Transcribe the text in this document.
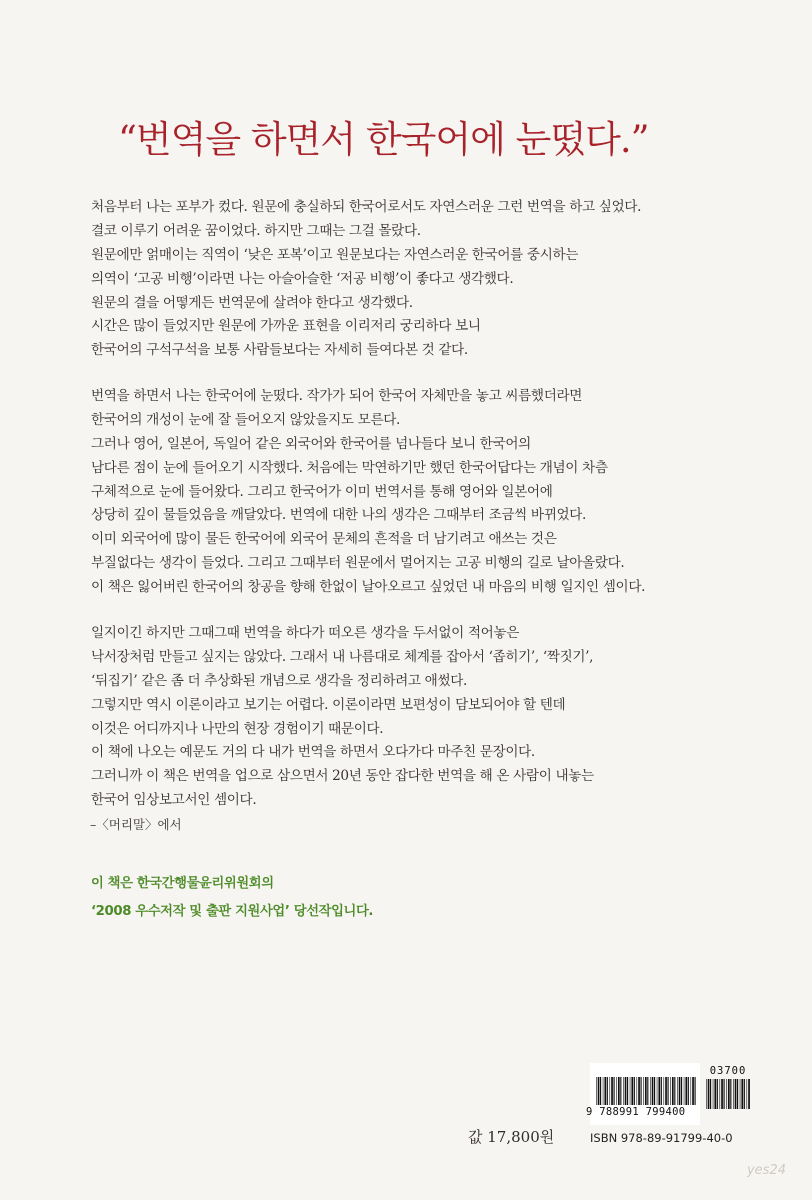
“번역을 하면서 한국어에 눈떴다.”
처음부터 나는 포부가 컸다. 원문에 충실하되 한국어로서도 자연스러운 그런 번역을 하고 싶었다.
결코 이루기 어려운 꿈이었다. 하지만 그때는 그걸 몰랐다.
원문에만 얽매이는 직역이 ‘낮은 포복’이고 원문보다는 자연스러운 한국어를 중시하는
의역이 ‘고공 비행’이라면 나는 아슬아슬한 ‘저공 비행’이 좋다고 생각했다.
원문의 결을 어떻게든 번역문에 살려야 한다고 생각했다.
시간은 많이 들었지만 원문에 가까운 표현을 이리저리 궁리하다 보니
한국어의 구석구석을 보통 사람들보다는 자세히 들여다본 것 같다.
번역을 하면서 나는 한국어에 눈떴다. 작가가 되어 한국어 자체만을 놓고 씨름했더라면
한국어의 개성이 눈에 잘 들어오지 않았을지도 모른다.
그러나 영어, 일본어, 독일어 같은 외국어와 한국어를 넘나들다 보니 한국어의
남다른 점이 눈에 들어오기 시작했다. 처음에는 막연하기만 했던 한국어답다는 개념이 차츰
구체적으로 눈에 들어왔다. 그리고 한국어가 이미 번역서를 통해 영어와 일본어에
상당히 깊이 물들었음을 깨달았다. 번역에 대한 나의 생각은 그때부터 조금씩 바뀌었다.
이미 외국어에 많이 물든 한국어에 외국어 문체의 흔적을 더 남기려고 애쓰는 것은
부질없다는 생각이 들었다. 그리고 그때부터 원문에서 멀어지는 고공 비행의 길로 날아올랐다.
이 책은 잃어버린 한국어의 창공을 향해 한없이 날아오르고 싶었던 내 마음의 비행 일지인 셈이다.
일지이긴 하지만 그때그때 번역을 하다가 떠오른 생각을 두서없이 적어놓은
낙서장처럼 만들고 싶지는 않았다. 그래서 내 나름대로 체계를 잡아서 ‘좁히기’, ‘짝짓기’,
‘뒤집기’ 같은 좀 더 추상화된 개념으로 생각을 정리하려고 애썼다.
그렇지만 역시 이론이라고 보기는 어렵다. 이론이라면 보편성이 담보되어야 할 텐데
이것은 어디까지나 나만의 현장 경험이기 때문이다.
이 책에 나오는 예문도 거의 다 내가 번역을 하면서 오다가다 마주친 문장이다.
그러니까 이 책은 번역을 업으로 삼으면서 20년 동안 잡다한 번역을 해 온 사람이 내놓는
한국어 임상보고서인 셈이다.
–〈머리말〉에서
이 책은 한국간행물윤리위원회의
‘2008 우수저작 및 출판 지원사업’ 당선작입니다.
값 17,800원
9 788991 799400
03700
ISBN 978-89-91799-40-0
yes24
